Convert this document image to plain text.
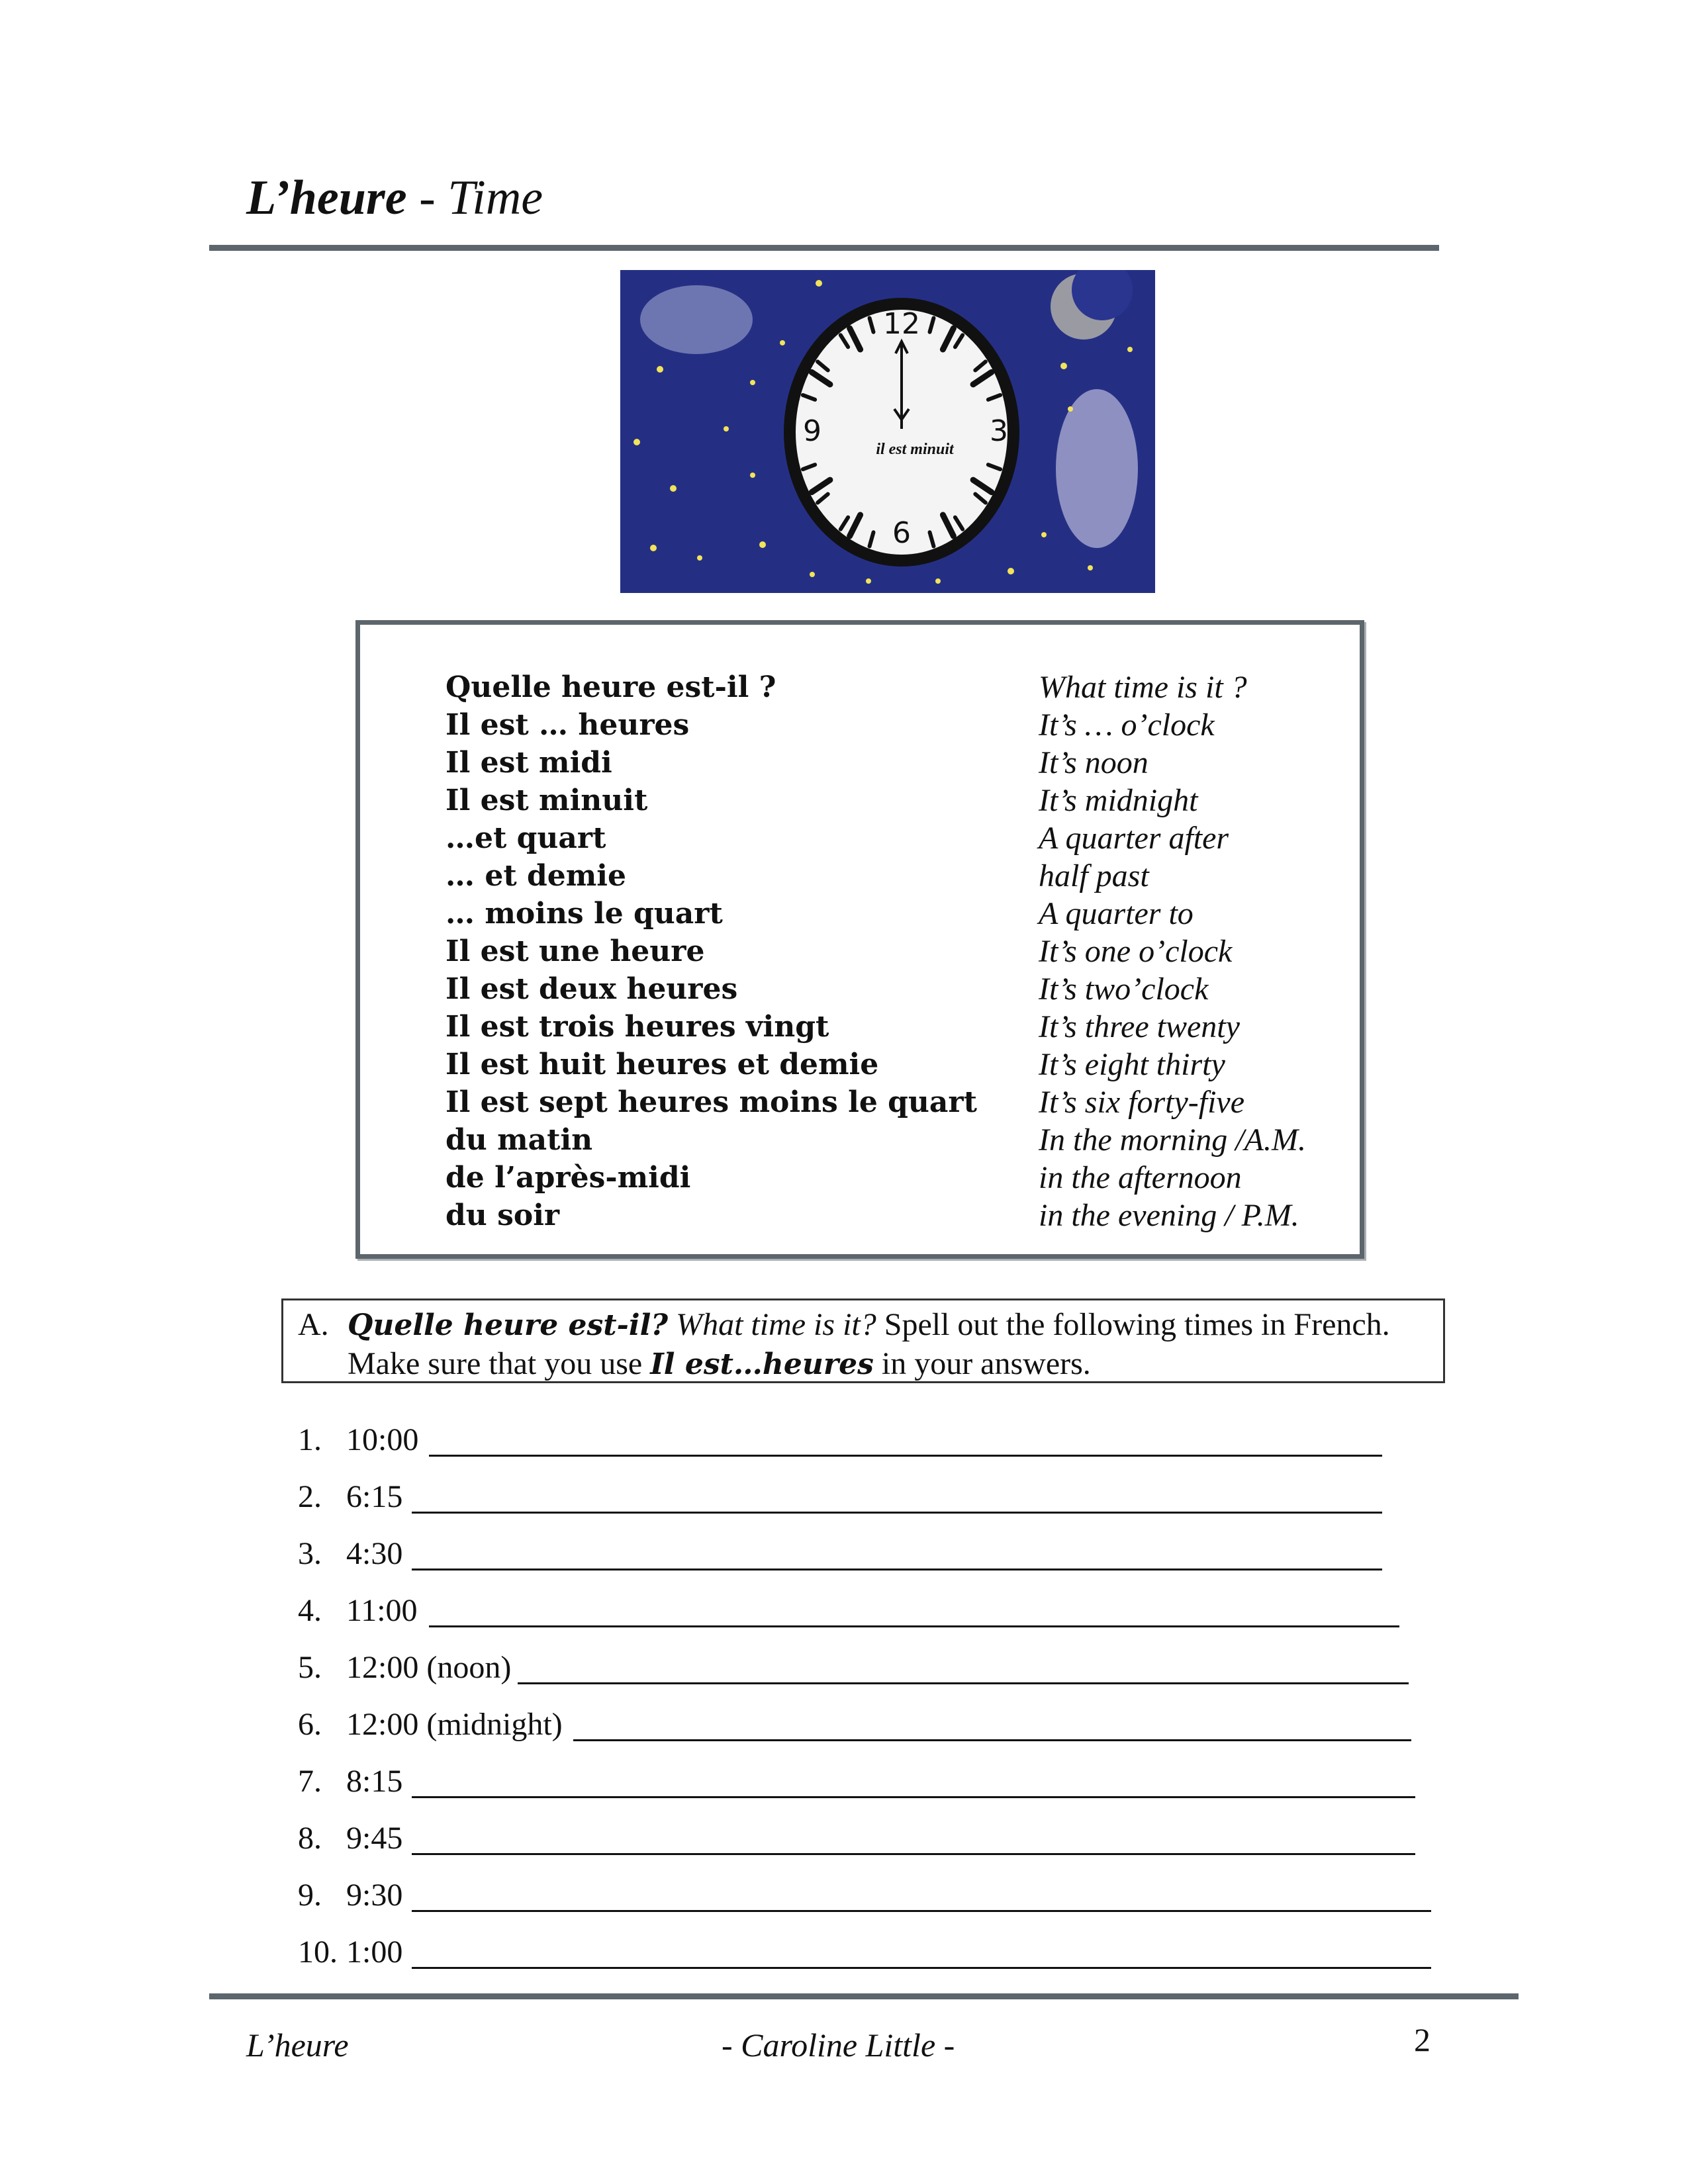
L’heure - Time
12
3
6
9
il est minuit
Quelle heure est-il ?	What time is it ?
Il est … heures	It’s … o’clock
Il est midi	It’s noon
Il est minuit	It’s midnight
…et quart	A quarter after
… et demie	half past
… moins le quart	A quarter to
Il est une heure	It’s one o’clock
Il est deux heures	It’s two’clock
Il est trois heures vingt	It’s three twenty
Il est huit heures et demie	It’s eight thirty
Il est sept heures moins le quart It’s six forty-five
du matin	In the morning /A.M.
de l’après-midi	in the afternoon
du soir	in the evening / P.M.
A. Quelle heure est-il? What time is it? Spell out the following times in French.
Make sure that you use Il est…heures in your answers.
1. 10:00
2. 6:15
3. 4:30
4. 11:00
5. 12:00 (noon)
6. 12:00 (midnight)
7. 8:15
8. 9:45
9. 9:30
10. 1:00
L’heure	- Caroline Little -	2
